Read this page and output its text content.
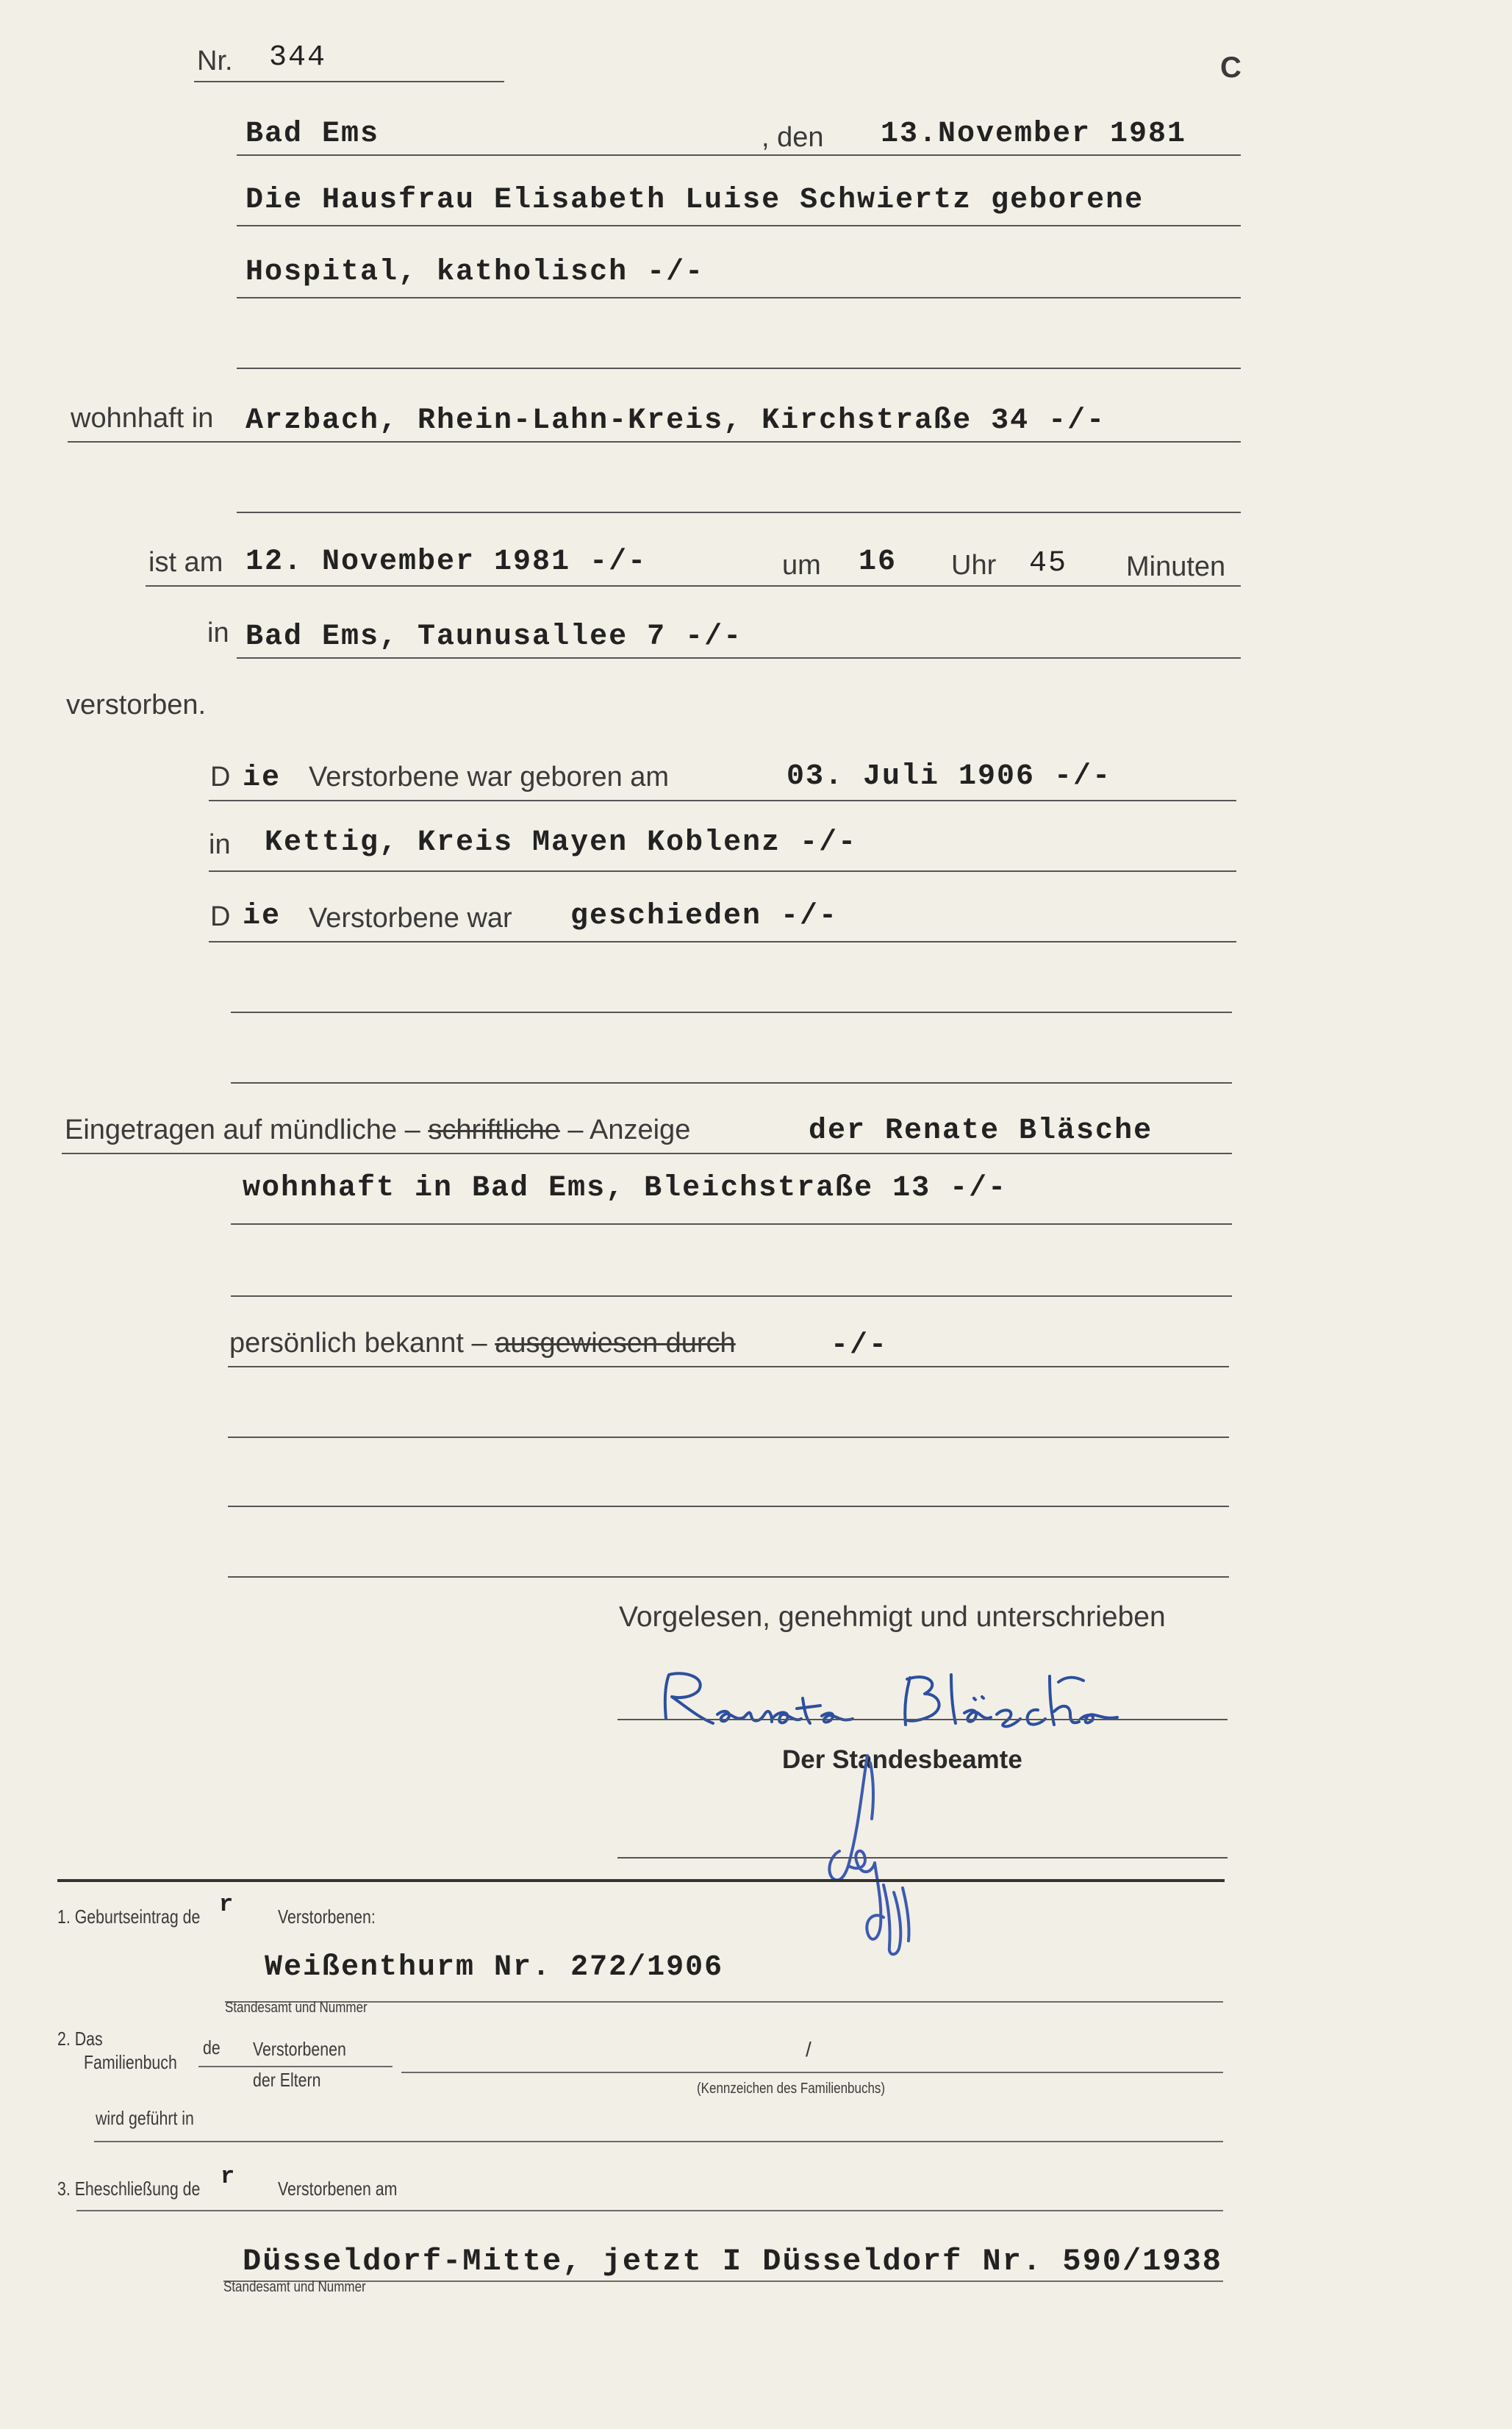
Nr. 344	C
Bad Ems	, den 13.November 1981
Die Hausfrau Elisabeth Luise Schwiertz geborene
Hospital, katholisch -/-
wohnhaft in Arzbach, Rhein-Lahn-Kreis, Kirchstraße 34 -/-
ist am 12. November 1981 -/-	um 16 Uhr 45 Minuten
in Bad Ems, Taunusallee 7 -/-
verstorben.
D ie Verstorbene war geboren am	03. Juli 1906 -/-
in Kettig, Kreis Mayen Koblenz -/-
D ie Verstorbene war geschieden -/-
Eingetragen auf mündliche – schriftliche – Anzeige	der Renate Bläsche
wohnhaft in Bad Ems, Bleichstraße 13 -/-
persönlich bekannt – ausgewiesen durch	-/-
Vorgelesen, genehmigt und unterschrieben
Der Standesbeamte
1. Geburtseintrag de r Verstorbenen:
Weißenthurm Nr. 272/1906
Standesamt und Nummer
2. Das
Familienbuch
de Verstorbenen
der Eltern
/
(Kennzeichen des Familienbuchs)
wird geführt in
3. Eheschließung de r Verstorbenen am
Düsseldorf-Mitte, jetzt I Düsseldorf Nr. 590/1938
Standesamt und Nummer
